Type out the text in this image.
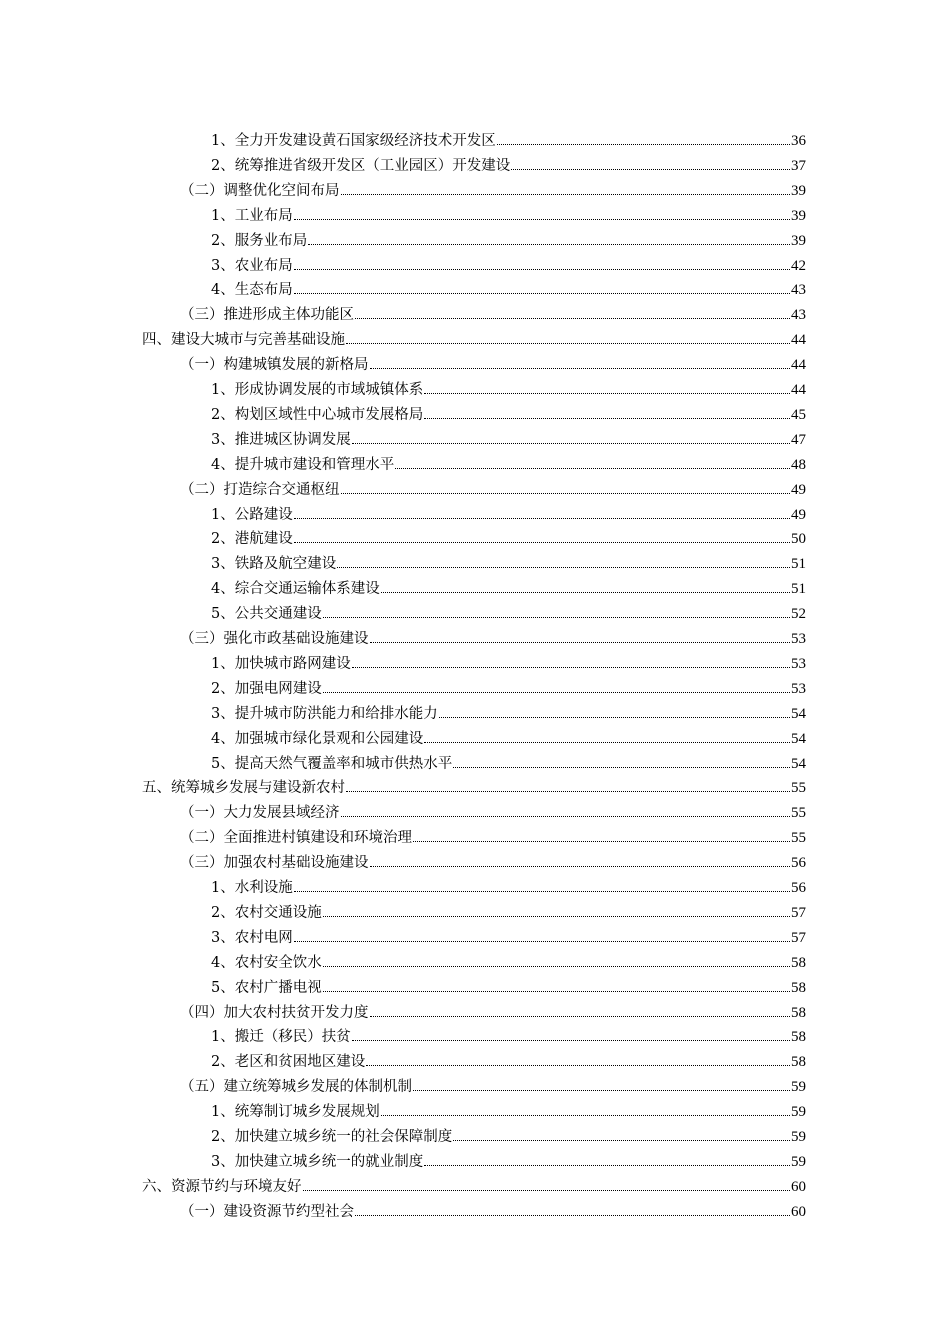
1、全力开发建设黄石国家级经济技术开发区	36
2、统筹推进省级开发区（工业园区）开发建设	37
（二）调整优化空间布局	39
1、工业布局	39
2、服务业布局	39
3、农业布局	42
4、生态布局	43
（三）推进形成主体功能区	43
四、建设大城市与完善基础设施	44
（一）构建城镇发展的新格局	44
1、形成协调发展的市域城镇体系	44
2、构划区域性中心城市发展格局	45
3、推进城区协调发展	47
4、提升城市建设和管理水平	48
（二）打造综合交通枢纽	49
1、公路建设	49
2、港航建设	50
3、铁路及航空建设	51
4、综合交通运输体系建设	51
5、公共交通建设	52
（三）强化市政基础设施建设	53
1、加快城市路网建设	53
2、加强电网建设	53
3、提升城市防洪能力和给排水能力	54
4、加强城市绿化景观和公园建设	54
5、提高天然气覆盖率和城市供热水平	54
五、统筹城乡发展与建设新农村	55
（一）大力发展县域经济	55
（二）全面推进村镇建设和环境治理	55
（三）加强农村基础设施建设	56
1、水利设施	56
2、农村交通设施	57
3、农村电网	57
4、农村安全饮水	58
5、农村广播电视	58
（四）加大农村扶贫开发力度	58
1、搬迁（移民）扶贫	58
2、老区和贫困地区建设	58
（五）建立统筹城乡发展的体制机制	59
1、统筹制订城乡发展规划	59
2、加快建立城乡统一的社会保障制度	59
3、加快建立城乡统一的就业制度	59
六、资源节约与环境友好	60
（一）建设资源节约型社会	60
